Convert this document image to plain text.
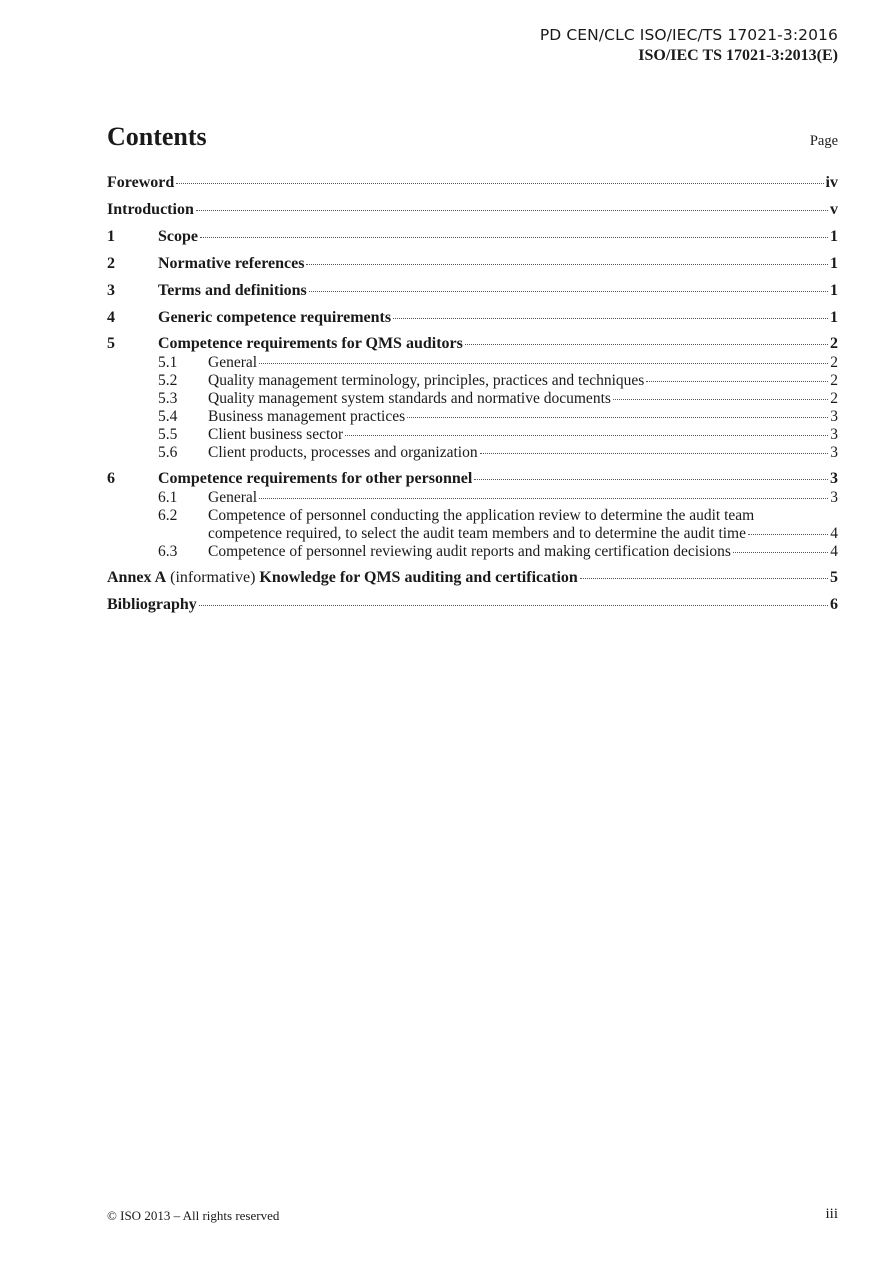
PD CEN/CLC ISO/IEC/TS 17021-3:2016
ISO/IEC TS 17021-3:2013(E)
Contents	Page
Foreword	iv
Introduction	v
1	Scope	1
2	Normative references	1
3	Terms and definitions	1
4	Generic competence requirements	1
5	Competence requirements for QMS auditors	2
5.1	General	2
5.2	Quality management terminology, principles, practices and techniques	2
5.3	Quality management system standards and normative documents	2
5.4	Business management practices	3
5.5	Client business sector	3
5.6	Client products, processes and organization	3
6	Competence requirements for other personnel	3
6.1	General	3
6.2	Competence of personnel conducting the application review to determine the audit team
competence required, to select the audit team members and to determine the audit time	4
6.3	Competence of personnel reviewing audit reports and making certification decisions	4
Annex A (informative) Knowledge for QMS auditing and certification	5
Bibliography	6
© ISO 2013 – All rights reserved	iii
